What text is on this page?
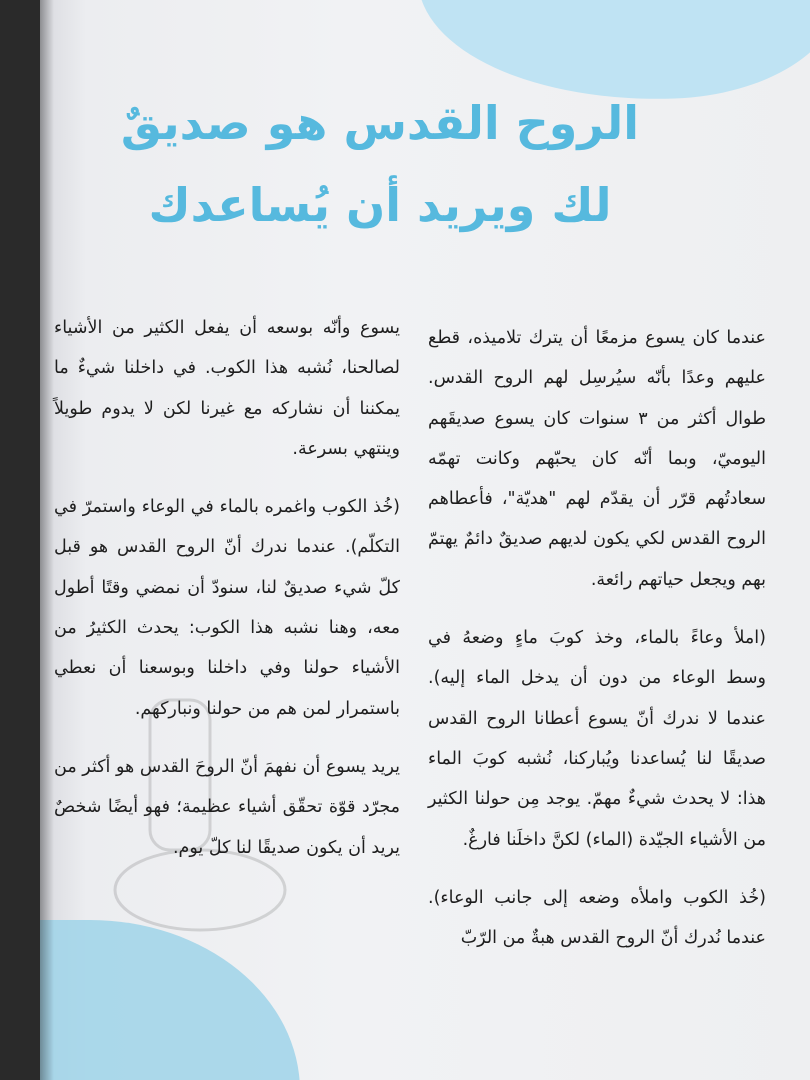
الروح القدس هو صديقٌ
لك ويريد أن يُساعدك

عندما كان يسوع مزمعًا أن يترك تلاميذه، قطع عليهم وعدًا بأنّه سيُرسِل لهم الروح القدس. طوال أكثر من ٣ سنوات كان يسوع صديقَهم اليوميّ، وبما أنّه كان يحبّهم وكانت تهمّه سعادتُهم قرّر أن يقدّم لهم "هديّة"، فأعطاهم الروح القدس لكي يكون لديهم صديقٌ دائمٌ يهتمّ بهم ويجعل حياتهم رائعة.

(املأ وعاءً بالماء، وخذ كوبَ ماءٍ وضعهُ في وسط الوعاء من دون أن يدخل الماء إليه). عندما لا ندرك أنّ يسوع أعطانا الروح القدس صديقًا لنا يُساعدنا ويُباركنا، نُشبه كوبَ الماء هذا: لا يحدث شيءٌ مهمّ. يوجد مِن حولنا الكثير من الأشياء الجيّدة (الماء) لكنَّ داخلَنا فارغٌ.

(خُذ الكوب واملأه وضعه إلى جانب الوعاء). عندما نُدرك أنّ الروح القدس هبةٌ من الرّبّ

يسوع وأنّه بوسعه أن يفعل الكثير من الأشياء لصالحنا، نُشبه هذا الكوب. في داخلنا شيءٌ ما يمكننا أن نشاركه مع غيرنا لكن لا يدوم طويلاً وينتهي بسرعة.

(خُذ الكوب واغمره بالماء في الوعاء واستمرّ في التكلّم). عندما ندرك أنّ الروح القدس هو قبل كلّ شيء صديقٌ لنا، سنودّ أن نمضي وقتًا أطول معه، وهنا نشبه هذا الكوب: يحدث الكثيرُ من الأشياء حولنا وفي داخلنا وبوسعنا أن نعطي باستمرار لمن هم من حولنا ونباركهم.

يريد يسوع أن نفهمَ أنّ الروحَ القدس هو أكثر من مجرّد قوّة تحقّق أشياء عظيمة؛ فهو أيضًا شخصٌ يريد أن يكون صديقًا لنا كلّ يوم.
